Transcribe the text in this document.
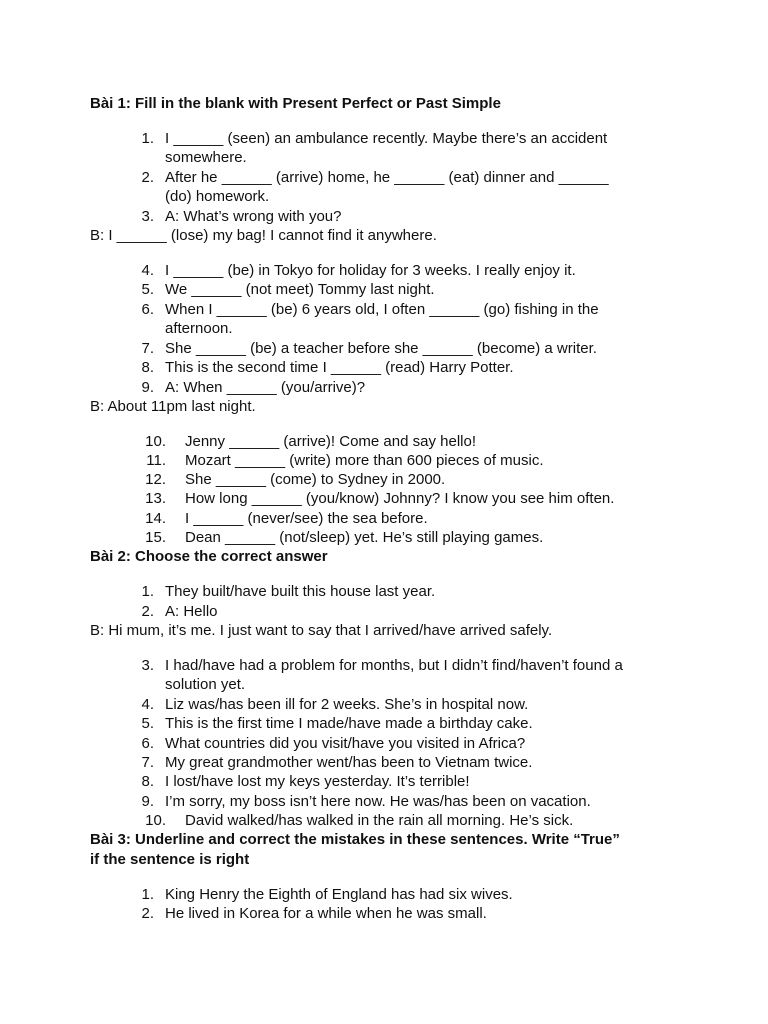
Bài 1: Fill in the blank with Present Perfect or Past Simple
1. I ______ (seen) an ambulance recently. Maybe there’s an accident
somewhere.
2. After he ______ (arrive) home, he ______ (eat) dinner and ______
(do) homework.
3. A: What’s wrong with you?
B: I ______ (lose) my bag! I cannot find it anywhere.
4. I ______ (be) in Tokyo for holiday for 3 weeks. I really enjoy it.
5. We ______ (not meet) Tommy last night.
6. When I ______ (be) 6 years old, I often ______ (go) fishing in the
afternoon.
7. She ______ (be) a teacher before she ______ (become) a writer.
8. This is the second time I ______ (read) Harry Potter.
9. A: When ______ (you/arrive)?
B: About 11pm last night.
10. Jenny ______ (arrive)! Come and say hello!
11. Mozart ______ (write) more than 600 pieces of music.
12. She ______ (come) to Sydney in 2000.
13. How long ______ (you/know) Johnny? I know you see him often.
14. I ______ (never/see) the sea before.
15. Dean ______ (not/sleep) yet. He’s still playing games.
Bài 2: Choose the correct answer
1. They built/have built this house last year.
2. A: Hello
B: Hi mum, it’s me. I just want to say that I arrived/have arrived safely.
3. I had/have had a problem for months, but I didn’t find/haven’t found a
solution yet.
4. Liz was/has been ill for 2 weeks. She’s in hospital now.
5. This is the first time I made/have made a birthday cake.
6. What countries did you visit/have you visited in Africa?
7. My great grandmother went/has been to Vietnam twice.
8. I lost/have lost my keys yesterday. It’s terrible!
9. I’m sorry, my boss isn’t here now. He was/has been on vacation.
10. David walked/has walked in the rain all morning. He’s sick.
Bài 3: Underline and correct the mistakes in these sentences. Write “True”
if the sentence is right
1. King Henry the Eighth of England has had six wives.
2. He lived in Korea for a while when he was small.
